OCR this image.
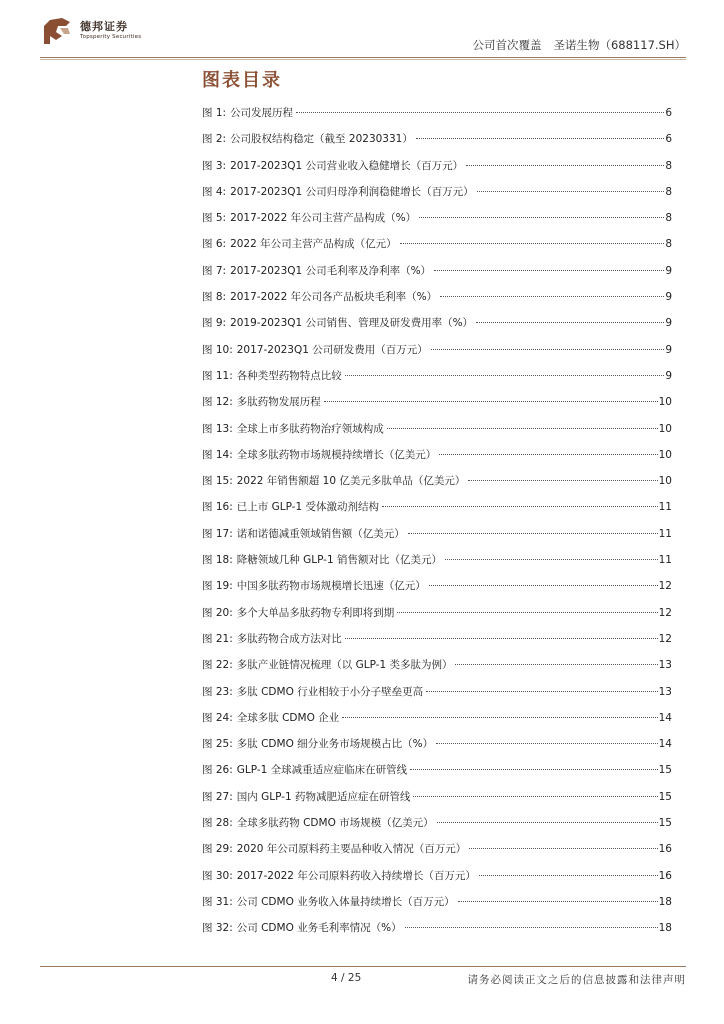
德邦证券
Topsperity Securities
公司首次覆盖 圣诺生物（688117.SH）
图表目录
图 1: 公司发展历程	6
图 2: 公司股权结构稳定（截至 20230331）	6
图 3: 2017-2023Q1 公司营业收入稳健增长（百万元）	8
图 4: 2017-2023Q1 公司归母净利润稳健增长（百万元）	8
图 5: 2017-2022 年公司主营产品构成（%）	8
图 6: 2022 年公司主营产品构成（亿元）	8
图 7: 2017-2023Q1 公司毛利率及净利率（%）	9
图 8: 2017-2022 年公司各产品板块毛利率（%）	9
图 9: 2019-2023Q1 公司销售、管理及研发费用率（%）	9
图 10: 2017-2023Q1 公司研发费用（百万元）	9
图 11: 各种类型药物特点比较	9
图 12: 多肽药物发展历程	10
图 13: 全球上市多肽药物治疗领域构成	10
图 14: 全球多肽药物市场规模持续增长（亿美元）	10
图 15: 2022 年销售额超 10 亿美元多肽单品（亿美元）	10
图 16: 已上市 GLP-1 受体激动剂结构	11
图 17: 诺和诺德减重领域销售额（亿美元）	11
图 18: 降糖领域几种 GLP-1 销售额对比（亿美元）	11
图 19: 中国多肽药物市场规模增长迅速（亿元）	12
图 20: 多个大单品多肽药物专利即将到期	12
图 21: 多肽药物合成方法对比	12
图 22: 多肽产业链情况梳理（以 GLP-1 类多肽为例）	13
图 23: 多肽 CDMO 行业相较于小分子壁垒更高	13
图 24: 全球多肽 CDMO 企业	14
图 25: 多肽 CDMO 细分业务市场规模占比（%）	14
图 26: GLP-1 全球减重适应症临床在研管线	15
图 27: 国内 GLP-1 药物减肥适应症在研管线	15
图 28: 全球多肽药物 CDMO 市场规模（亿美元）	15
图 29: 2020 年公司原料药主要品种收入情况（百万元）	16
图 30: 2017-2022 年公司原料药收入持续增长（百万元）	16
图 31: 公司 CDMO 业务收入体量持续增长（百万元）	18
图 32: 公司 CDMO 业务毛利率情况（%）	18
4 / 25	请务必阅读正文之后的信息披露和法律声明
